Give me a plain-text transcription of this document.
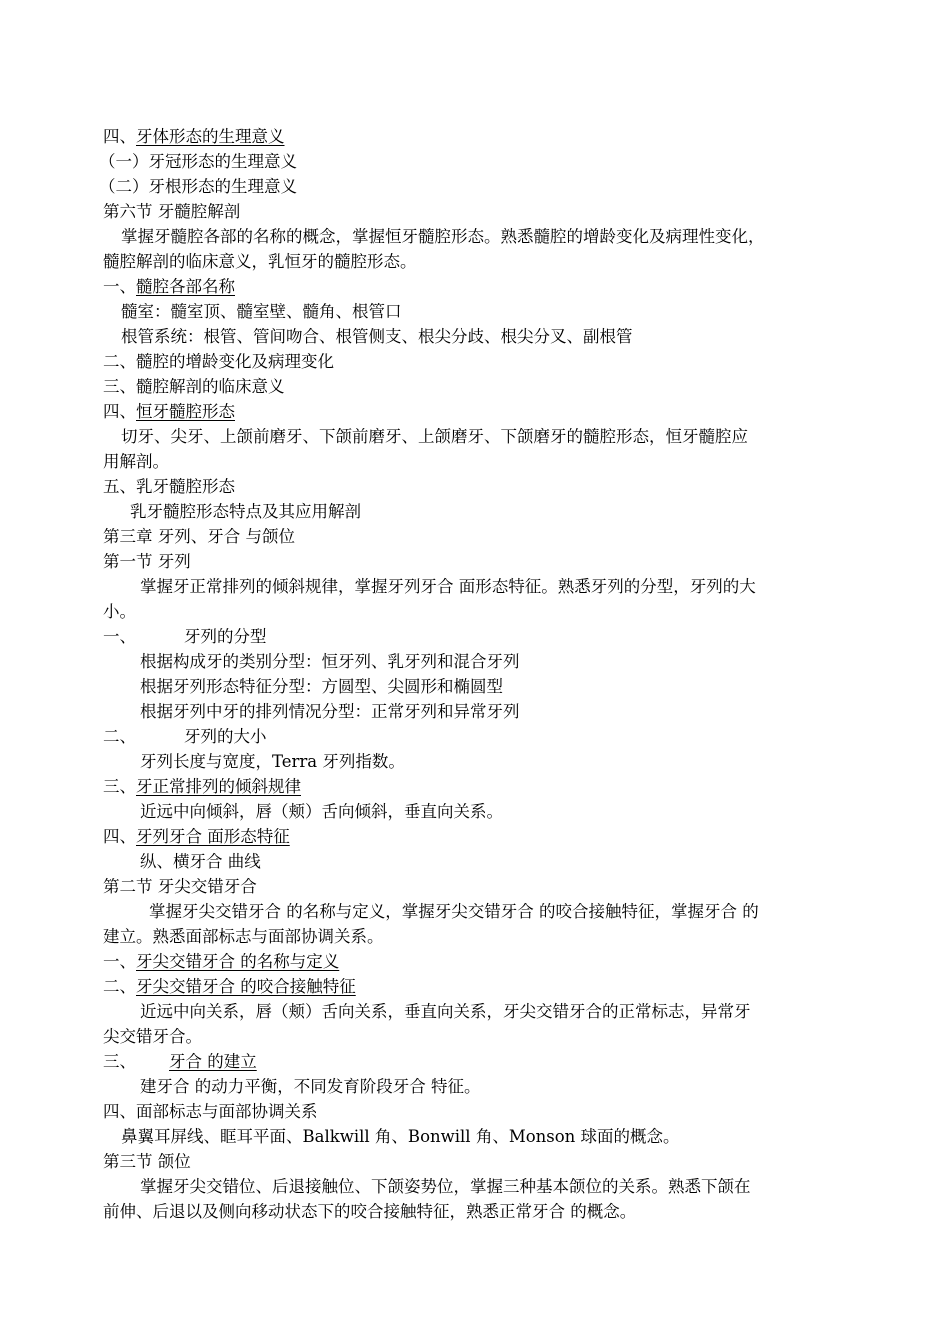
四、牙体形态的生理意义
（一）牙冠形态的生理意义
（二）牙根形态的生理意义
第六节 牙髓腔解剖
掌握牙髓腔各部的名称的概念，掌握恒牙髓腔形态。熟悉髓腔的增龄变化及病理性变化，
髓腔解剖的临床意义，乳恒牙的髓腔形态。
一、髓腔各部名称
髓室：髓室顶、髓室壁、髓角、根管口
根管系统：根管、管间吻合、根管侧支、根尖分歧、根尖分叉、副根管
二、髓腔的增龄变化及病理变化
三、髓腔解剖的临床意义
四、恒牙髓腔形态
切牙、尖牙、上颌前磨牙、下颌前磨牙、上颌磨牙、下颌磨牙的髓腔形态，恒牙髓腔应
用解剖。
五、乳牙髓腔形态
乳牙髓腔形态特点及其应用解剖
第三章 牙列、牙合 与颌位
第一节 牙列
掌握牙正常排列的倾斜规律，掌握牙列牙合 面形态特征。熟悉牙列的分型，牙列的大
小。
一、	牙列的分型
根据构成牙的类别分型：恒牙列、乳牙列和混合牙列
根据牙列形态特征分型：方圆型、尖圆形和椭圆型
根据牙列中牙的排列情况分型：正常牙列和异常牙列
二、	牙列的大小
牙列长度与宽度，Terra 牙列指数。
三、牙正常排列的倾斜规律
近远中向倾斜，唇（颊）舌向倾斜，垂直向关系。
四、牙列牙合 面形态特征
纵、横牙合 曲线
第二节 牙尖交错牙合
掌握牙尖交错牙合 的名称与定义，掌握牙尖交错牙合 的咬合接触特征，掌握牙合 的
建立。熟悉面部标志与面部协调关系。
一、牙尖交错牙合 的名称与定义
二、牙尖交错牙合 的咬合接触特征
近远中向关系，唇（颊）舌向关系，垂直向关系，牙尖交错牙合的正常标志，异常牙
尖交错牙合。
三、 牙合 的建立
建牙合 的动力平衡，不同发育阶段牙合 特征。
四、面部标志与面部协调关系
鼻翼耳屏线、眶耳平面、Balkwill 角、Bonwill 角、Monson 球面的概念。
第三节 颌位
掌握牙尖交错位、后退接触位、下颌姿势位，掌握三种基本颌位的关系。熟悉下颌在
前伸、后退以及侧向移动状态下的咬合接触特征，熟悉正常牙合 的概念。
